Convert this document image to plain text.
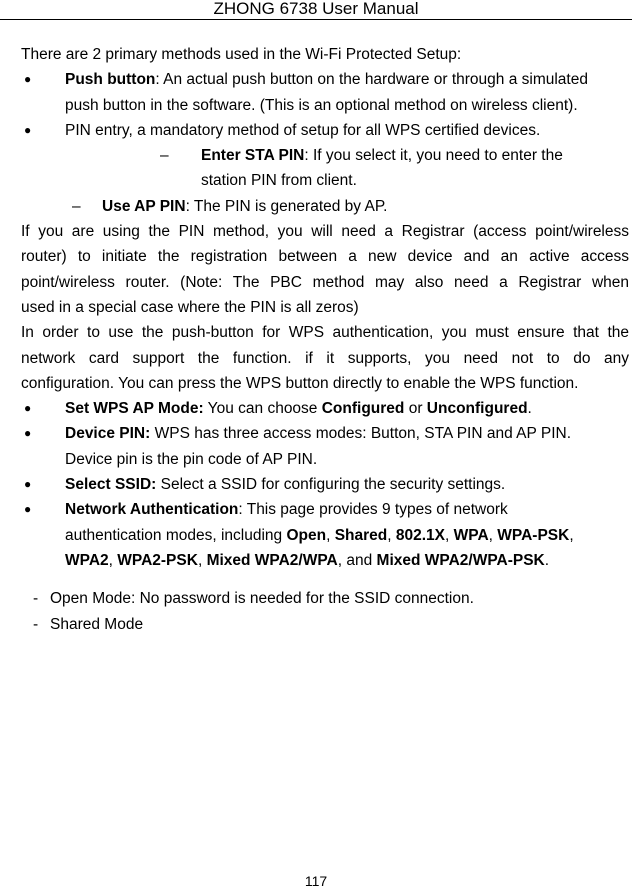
ZHONG 6738 User Manual
There are 2 primary methods used in the Wi-Fi Protected Setup:
● Push button: An actual push button on the hardware or through a simulated
push button in the software. (This is an optional method on wireless client).
● PIN entry, a mandatory method of setup for all WPS certified devices.
– Enter STA PIN: If you select it, you need to enter the
station PIN from client.
– Use AP PIN: The PIN is generated by AP.
If you are using the PIN method, you will need a Registrar (access point/wireless
router) to initiate the registration between a new device and an active access
point/wireless router. (Note: The PBC method may also need a Registrar when
used in a special case where the PIN is all zeros)
In order to use the push-button for WPS authentication, you must ensure that the
network card support the function. if it supports, you need not to do any
configuration. You can press the WPS button directly to enable the WPS function.
● Set WPS AP Mode: You can choose Configured or Unconfigured.
● Device PIN: WPS has three access modes: Button, STA PIN and AP PIN.
Device pin is the pin code of AP PIN.
● Select SSID: Select a SSID for configuring the security settings.
● Network Authentication: This page provides 9 types of network
authentication modes, including Open, Shared, 802.1X, WPA, WPA-PSK,
WPA2, WPA2-PSK, Mixed WPA2/WPA, and Mixed WPA2/WPA-PSK.
- Open Mode: No password is needed for the SSID connection.
- Shared Mode
117
